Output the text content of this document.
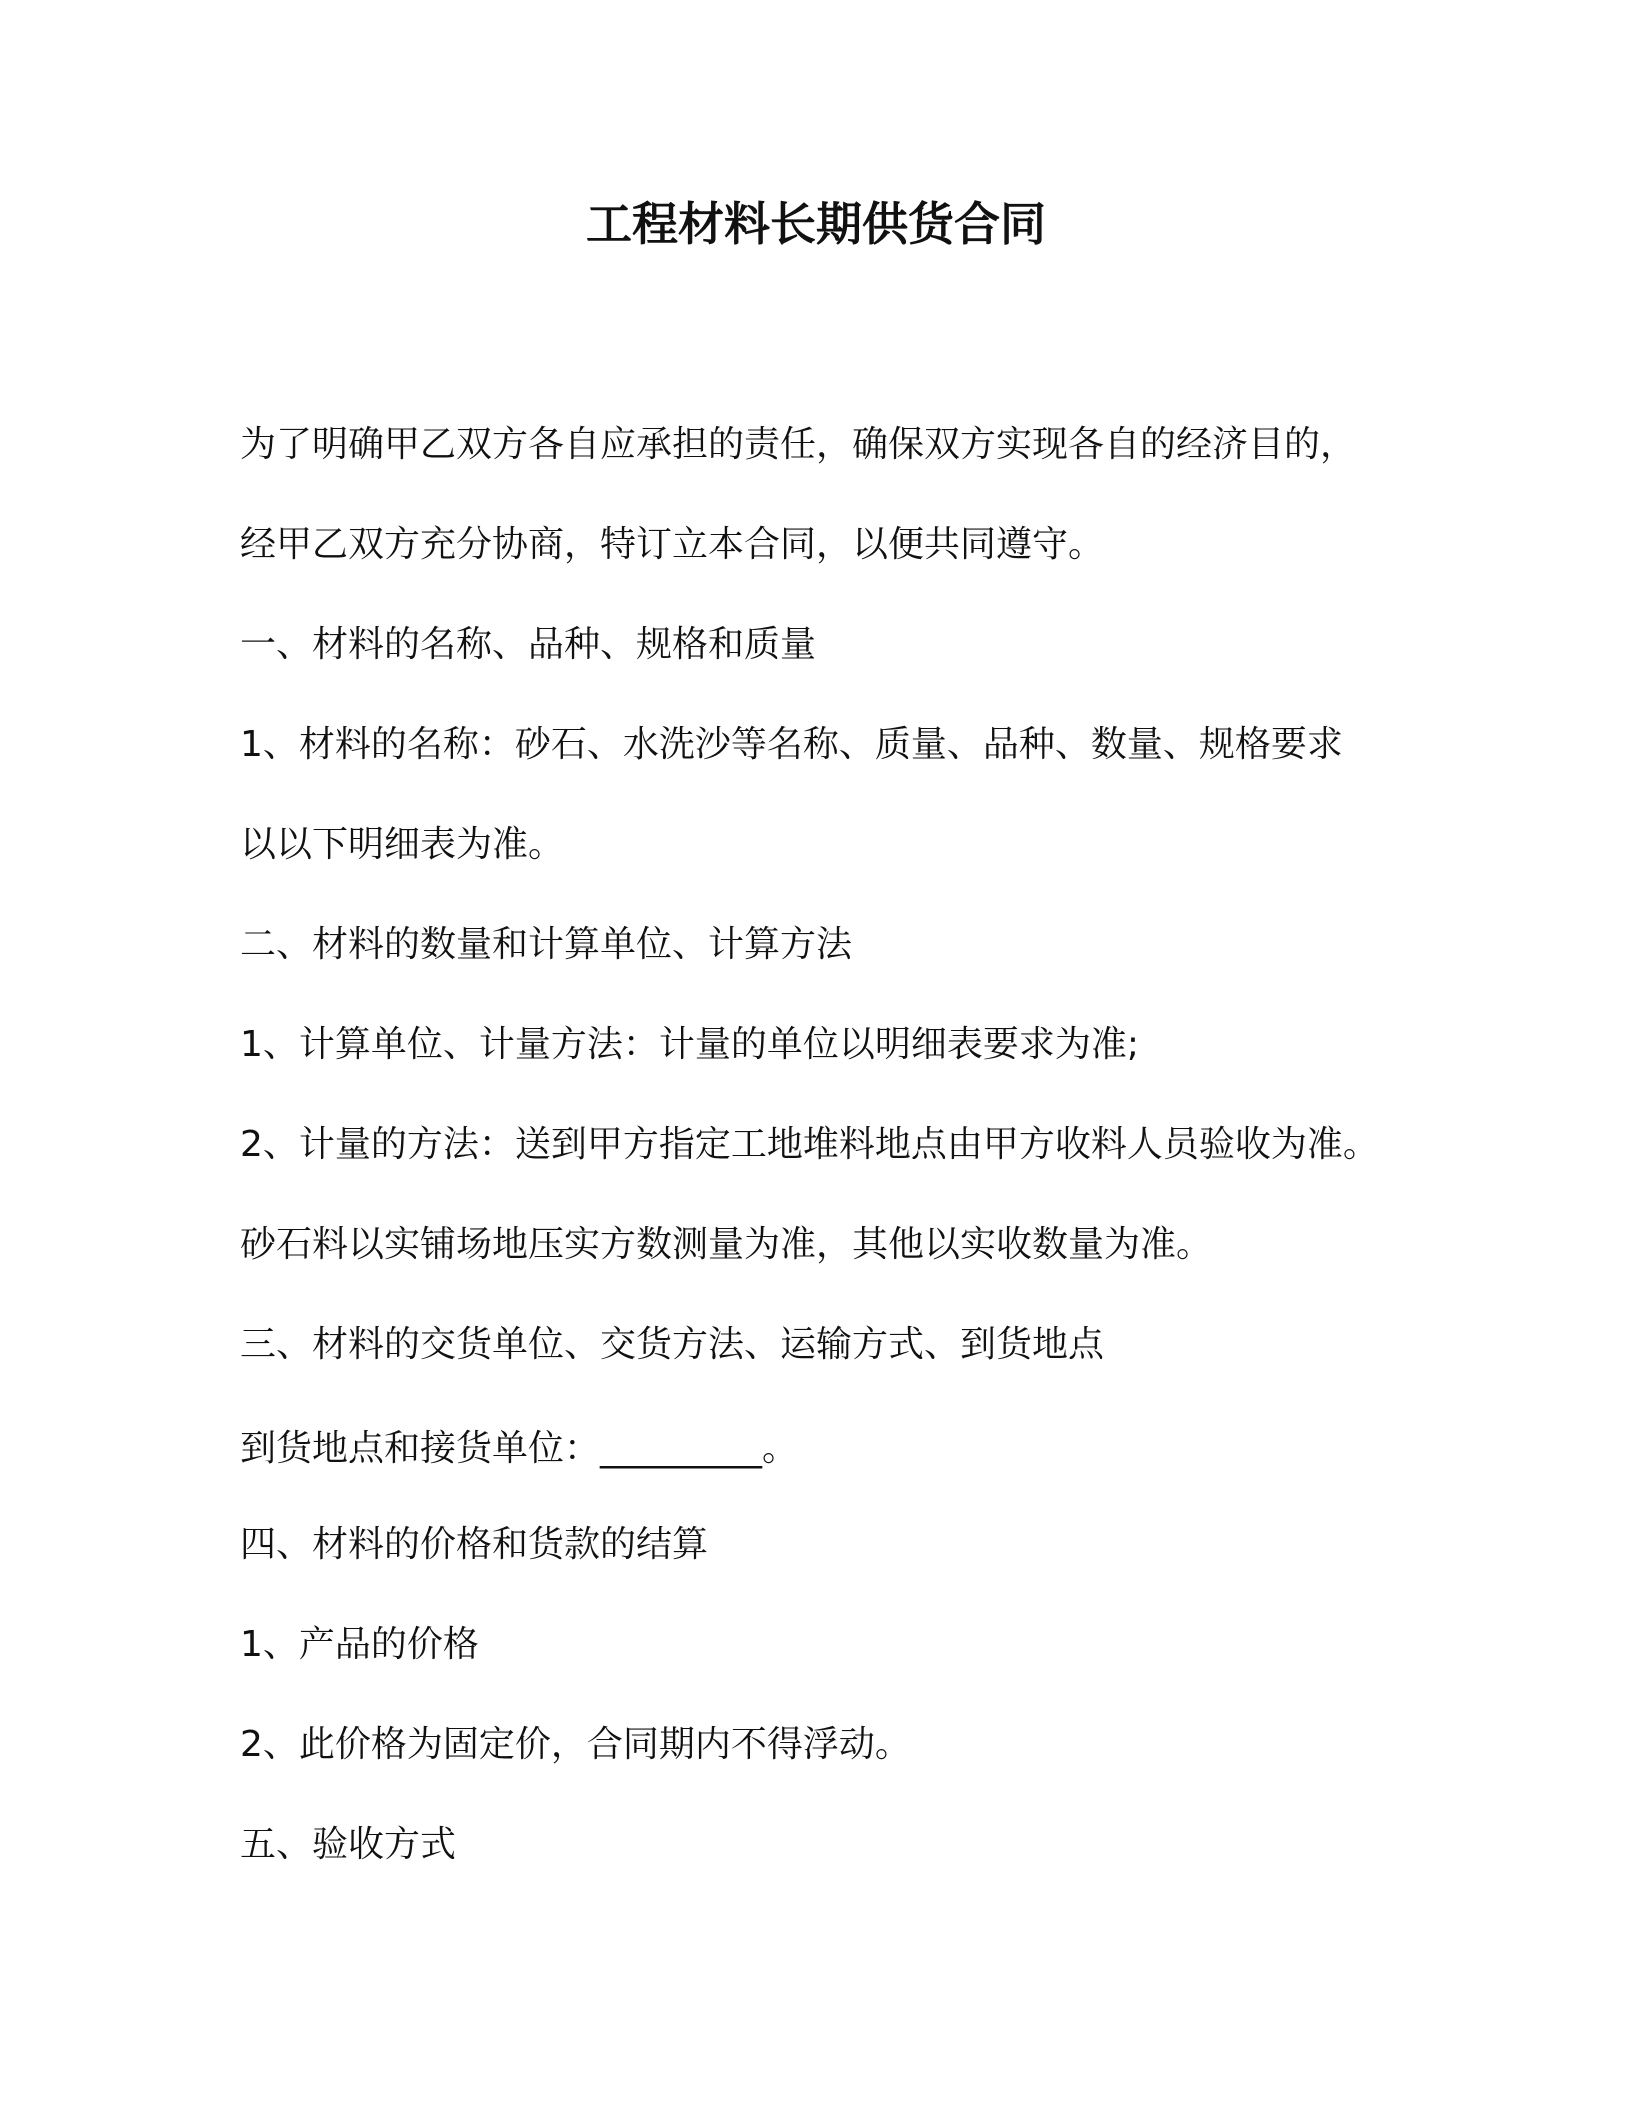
工程材料长期供货合同

为了明确甲乙双方各自应承担的责任，确保双方实现各自的经济目的，

经甲乙双方充分协商，特订立本合同，以便共同遵守。

一、材料的名称、品种、规格和质量

1、材料的名称：砂石、水洗沙等名称、质量、品种、数量、规格要求

以以下明细表为准。

二、材料的数量和计算单位、计算方法

1、计算单位、计量方法：计量的单位以明细表要求为准;

2、计量的方法：送到甲方指定工地堆料地点由甲方收料人员验收为准。

砂石料以实铺场地压实方数测量为准，其他以实收数量为准。

三、材料的交货单位、交货方法、运输方式、到货地点

到货地点和接货单位：_________。

四、材料的价格和货款的结算

1、产品的价格

2、此价格为固定价，合同期内不得浮动。

五、验收方式
